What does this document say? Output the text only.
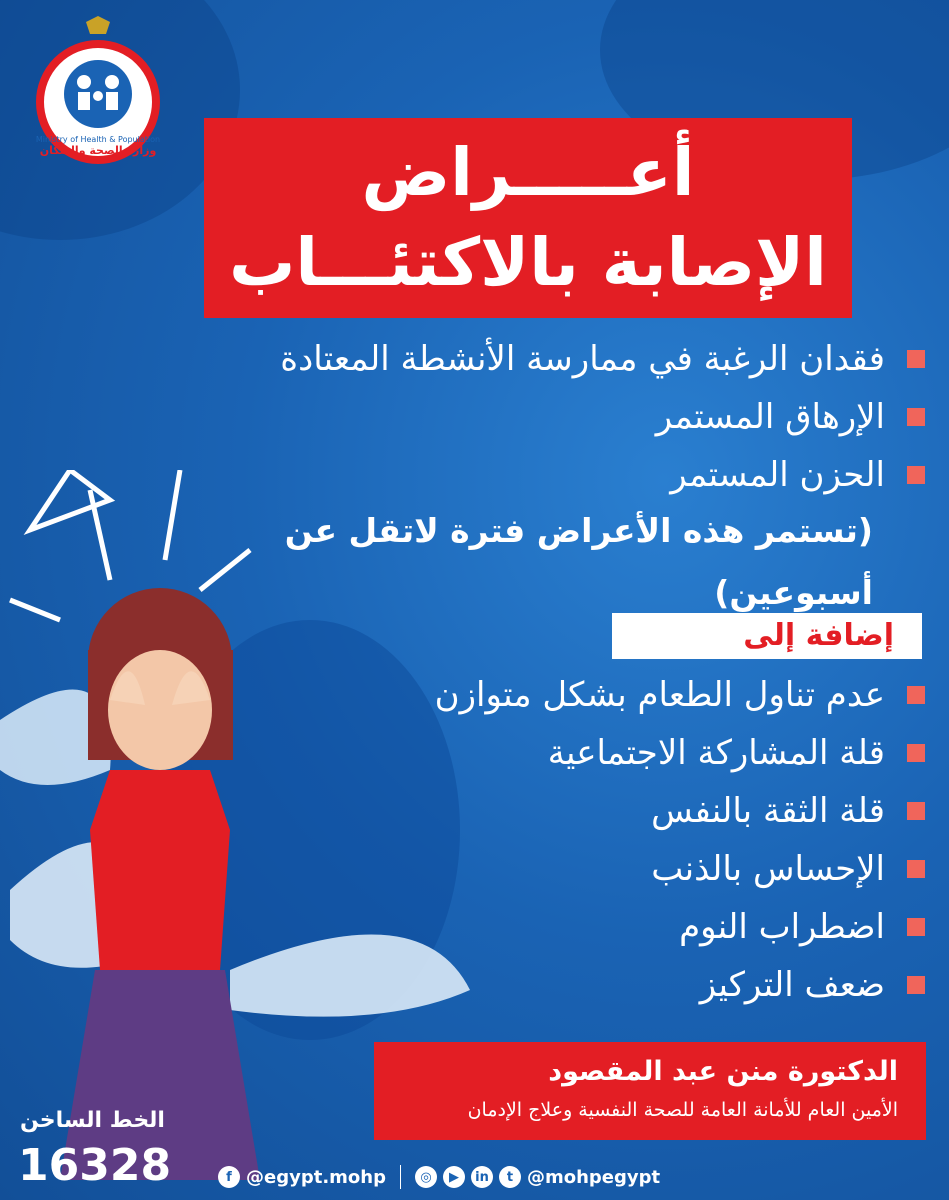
Ministry of Health & Population
وزارة الصحة والسكان	أعـــــراض
الإصابة بالاكتئـــاب
فقدان الرغبة في ممارسة الأنشطة المعتادة
الإرهاق المستمر
الحزن المستمر
(تستمر هذه الأعراض فترة لاتقل عن أسبوعين)
إضافة إلى
عدم تناول الطعام بشكل متوازن
قلة المشاركة الاجتماعية
قلة الثقة بالنفس
الإحساس بالذنب
اضطراب النوم
ضعف التركيز
الدكتورة منن عبد المقصود
الأمين العام للأمانة العامة للصحة النفسية وعلاج الإدمان
الخط الساخن
16328	f @egypt.mohp	◎	▶	in	t @mohpegypt
